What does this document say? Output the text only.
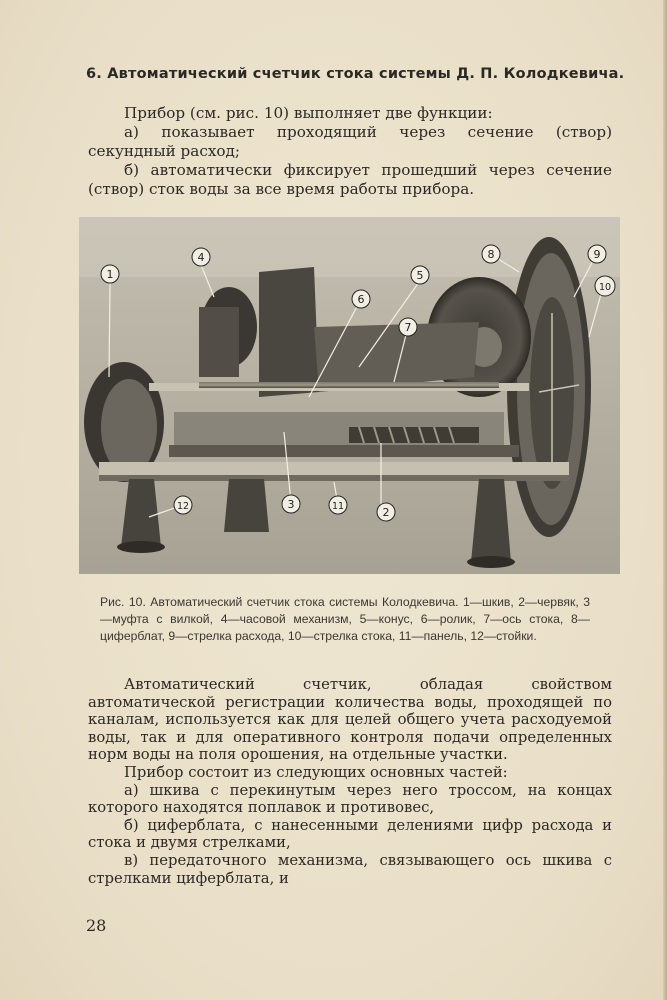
6. Автоматический счетчик стока системы Д. П. Колодкевича.

Прибор (см. рис. 10) выполняет две функции:

а) показывает проходящий через сечение (створ) секундный расход;

б) автоматически фиксирует прошедший через сечение (створ) сток воды за все время работы прибора.

1
2
3
4
5
6
7
8	9
10
11
12
Рис. 10. Автоматический счетчик стока системы Колодкевича. 1—шкив, 2—червяк, 3—муфта с вилкой, 4—часовой механизм, 5—конус, 6—ролик, 7—ось стока, 8—циферблат, 9—стрелка расхода, 10—стрелка стока, 11—панель, 12—стойки.

Автоматический счетчик, обладая свойством автоматической регистрации количества воды, проходящей по каналам, используется как для целей общего учета расходуемой воды, так и для оперативного контроля подачи определенных норм воды на поля орошения, на отдельные участки.

Прибор состоит из следующих основных частей:

а) шкива с перекинутым через него троссом, на концах которого находятся поплавок и противовес,

б) циферблата, с нанесенными делениями цифр расхода и стока и двумя стрелками,

в) передаточного механизма, связывающего ось шкива с стрелками циферблата, и

28
